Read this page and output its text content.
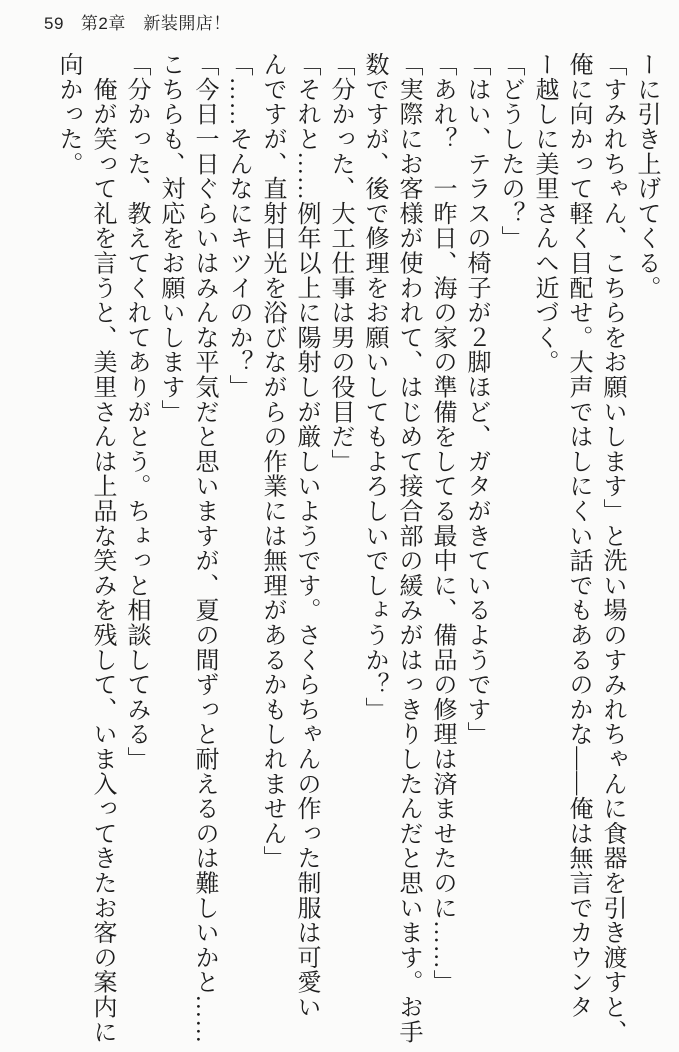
59 第2章　新装開店！
ーに引き上げてくる。
「すみれちゃん、こちらをお願いします」と洗い場のすみれちゃんに食器を引き渡すと、
俺に向かって軽く目配せ。大声ではしにくい話でもあるのかな——俺は無言でカウンタ
ー越しに美里さんへ近づく。
「どうしたの？」
「はい、テラスの椅子が２脚ほど、ガタがきているようです」
「あれ？　一昨日、海の家の準備をしてる最中に、備品の修理は済ませたのに……」
「実際にお客様が使われて、はじめて接合部の緩みがはっきりしたんだと思います。お手
数ですが、後で修理をお願いしてもよろしいでしょうか？」
「分かった、大工仕事は男の役目だ」
「それと……例年以上に陽射しが厳しいようです。さくらちゃんの作った制服は可愛い
んですが、直射日光を浴びながらの作業には無理があるかもしれません」
「……そんなにキツイのか？」
「今日一日ぐらいはみんな平気だと思いますが、夏の間ずっと耐えるのは難しいかと……
こちらも、対応をお願いします」
「分かった、教えてくれてありがとう。ちょっと相談してみる」
　俺が笑って礼を言うと、美里さんは上品な笑みを残して、いま入ってきたお客の案内に
向かった。
